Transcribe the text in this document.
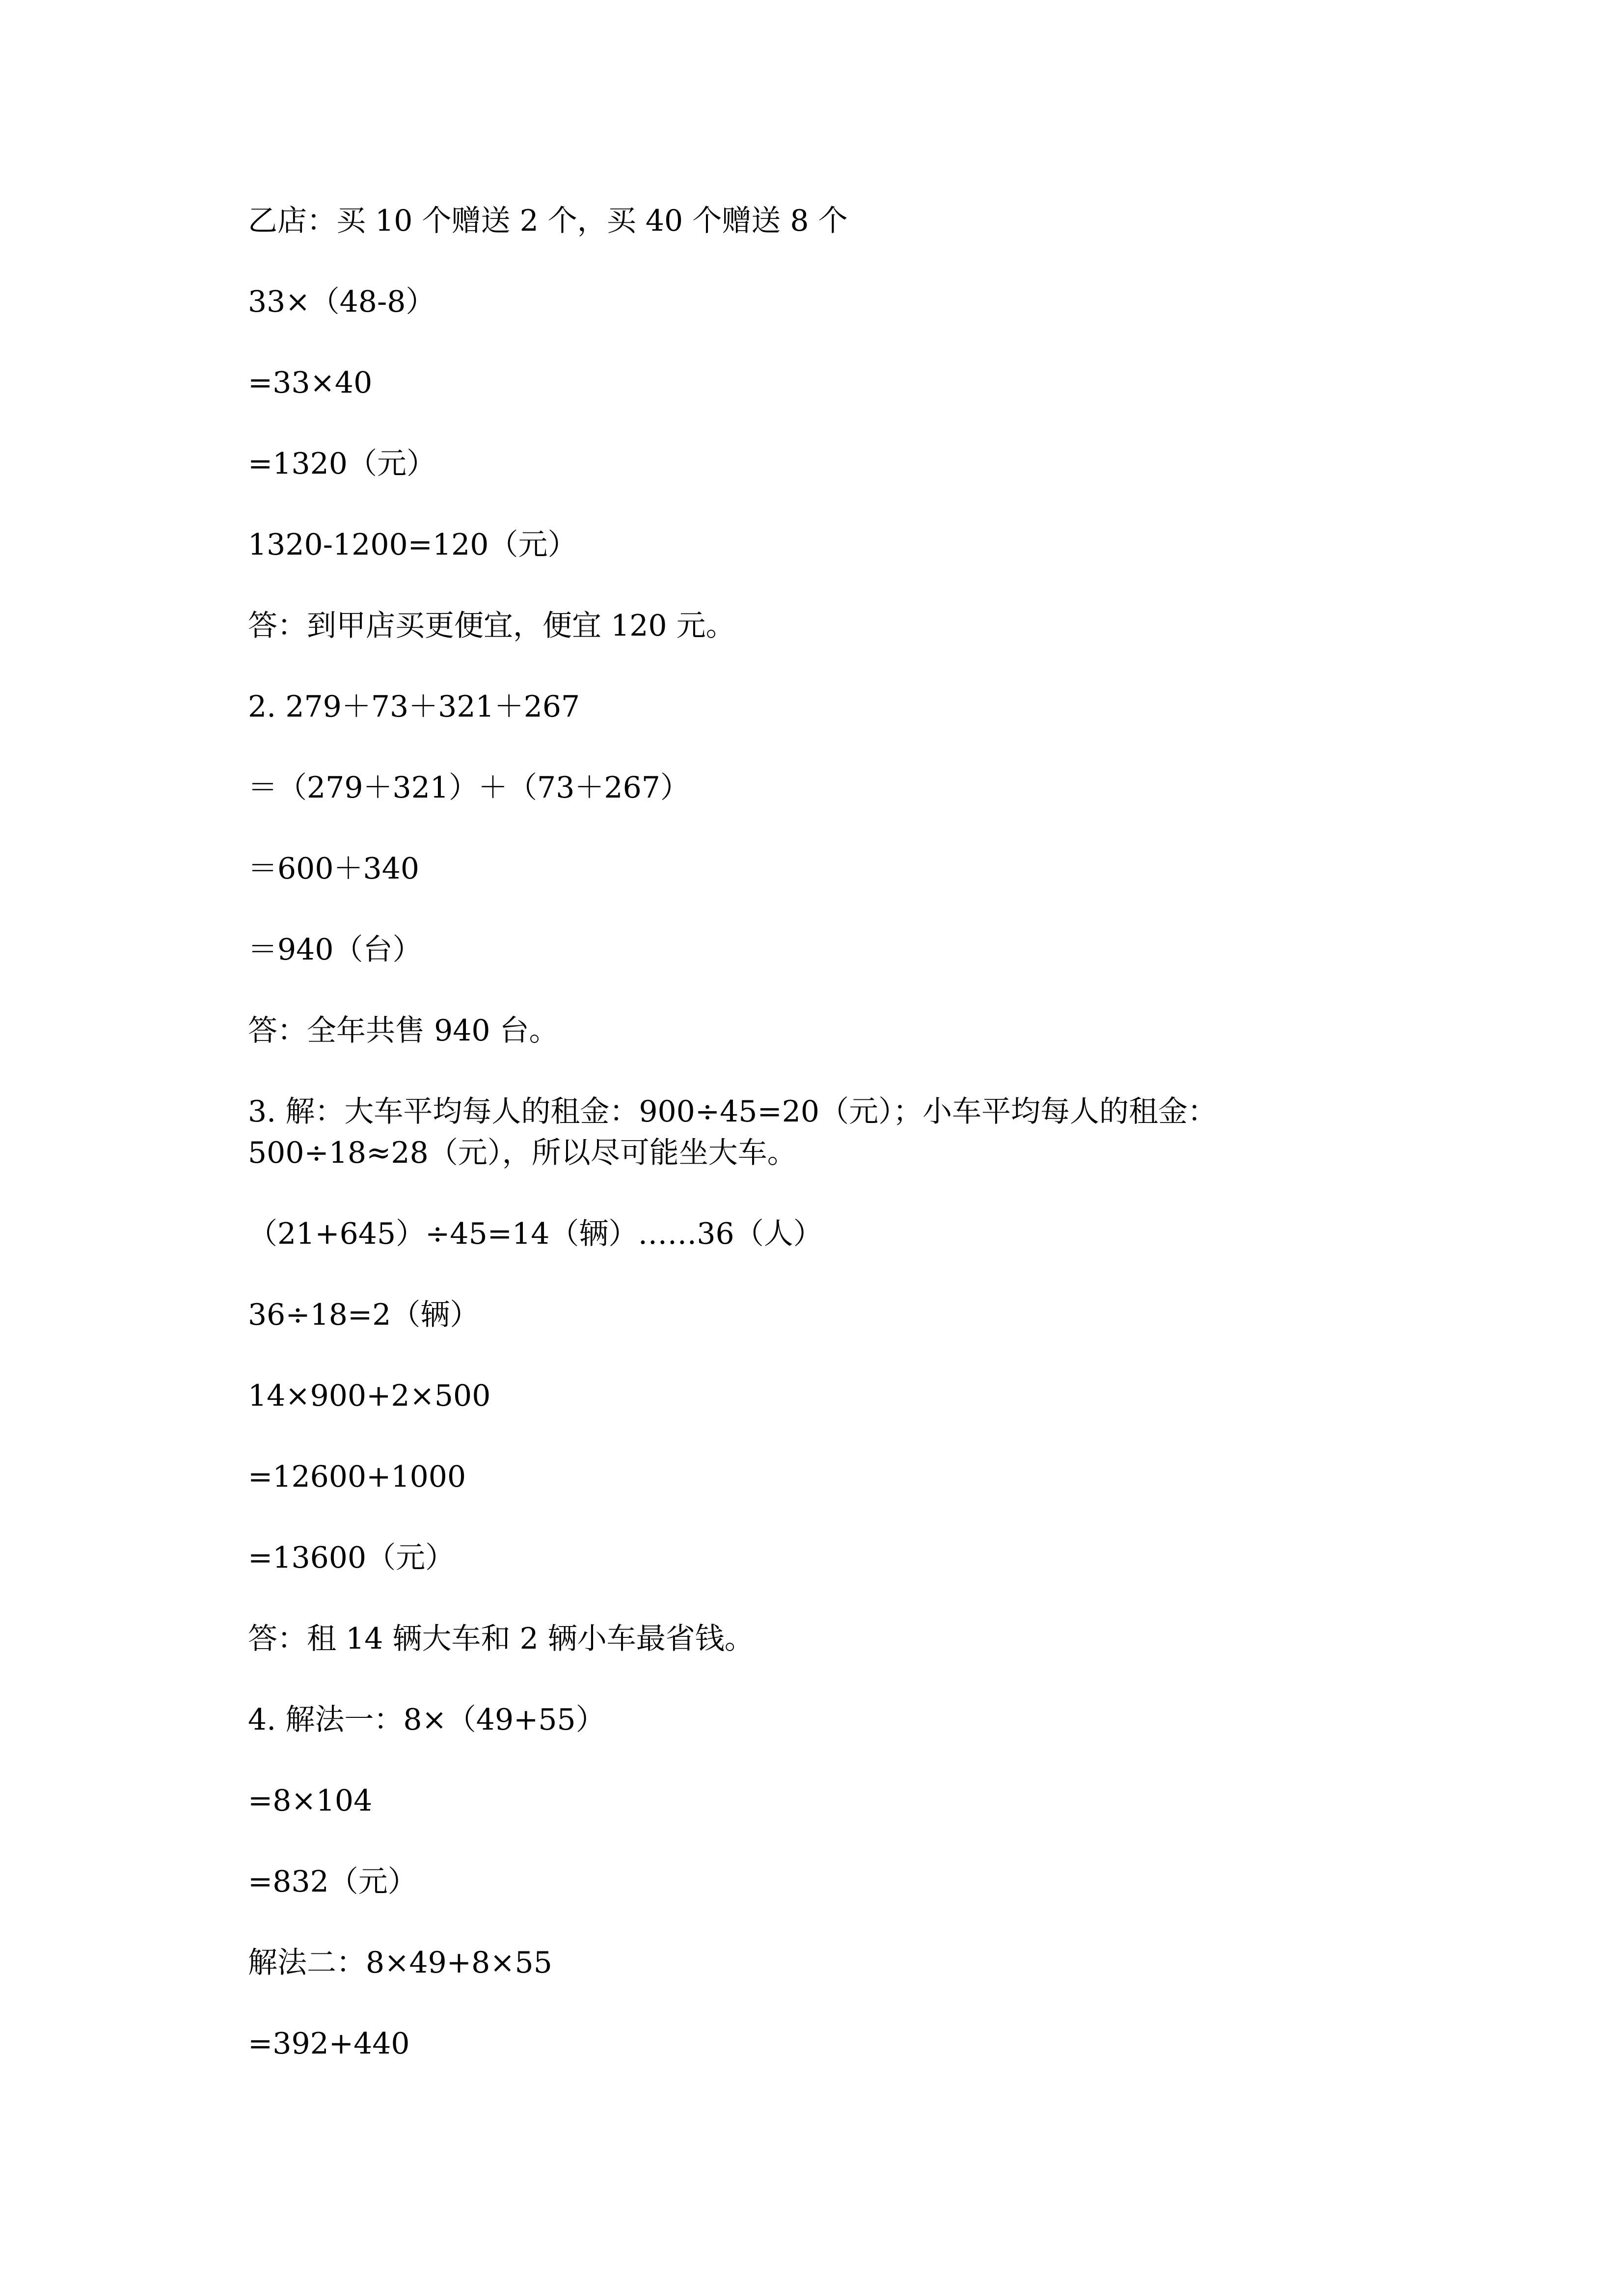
乙店：买 10 个赠送 2 个，买 40 个赠送 8 个
33×（48-8）
=33×40
=1320（元）
1320-1200=120（元）
答：到甲店买更便宜，便宜 120 元。
2. 279＋73＋321＋267
＝（279＋321）＋（73＋267）
＝600＋340
＝940（台）
答：全年共售 940 台。
3. 解：大车平均每人的租金：900÷45=20（元）；小车平均每人的租金：
500÷18≈28（元），所以尽可能坐大车。
（21+645）÷45=14（辆）……36（人）
36÷18=2（辆）
14×900+2×500
=12600+1000
=13600（元）
答：租 14 辆大车和 2 辆小车最省钱。
4. 解法一：8×（49+55）
=8×104
=832（元）
解法二：8×49+8×55
=392+440
